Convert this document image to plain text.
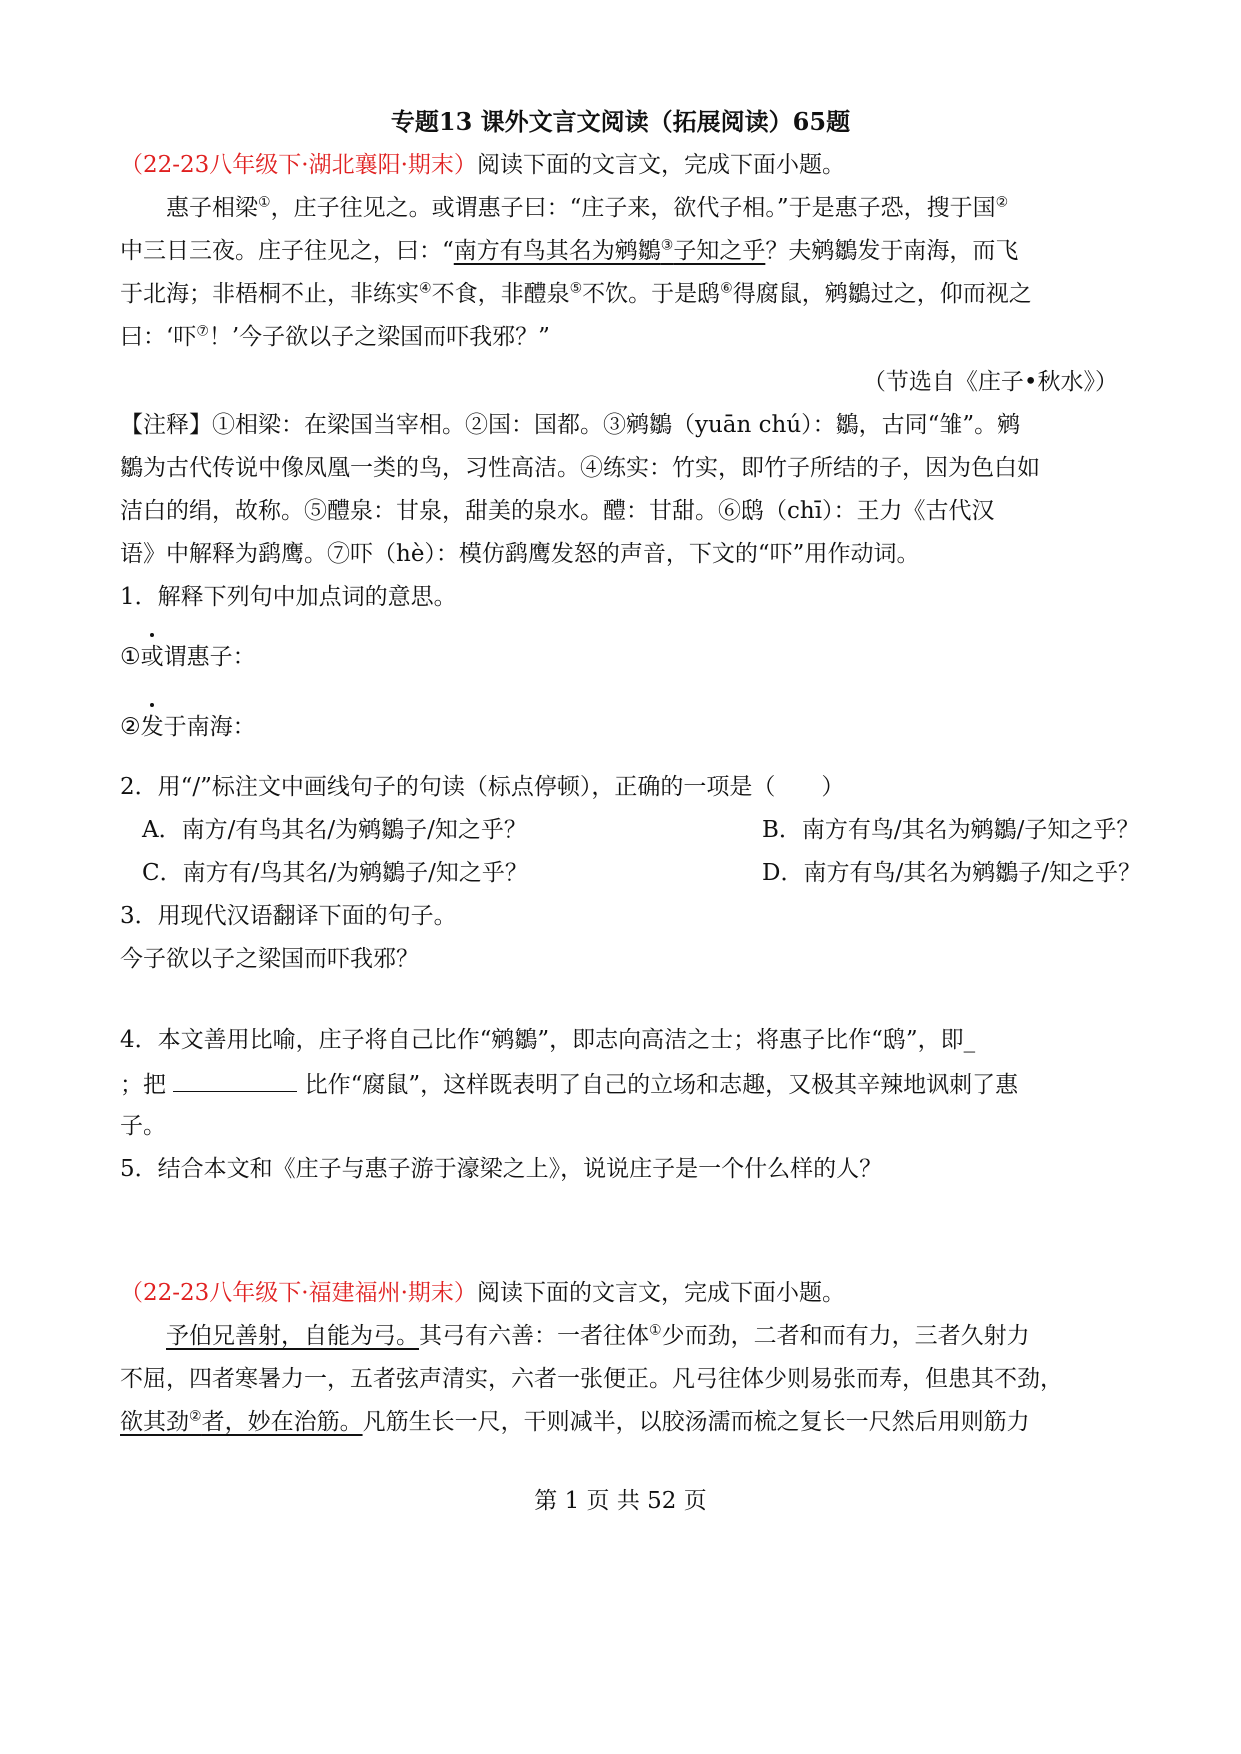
专题13 课外文言文阅读（拓展阅读）65题
（22-23八年级下·湖北襄阳·期末）阅读下面的文言文，完成下面小题。
惠子相梁①，庄子往见之。或谓惠子曰：“庄子来，欲代子相。”于是惠子恐，搜于国②
中三日三夜。庄子往见之，曰：“南方有鸟其名为鹓鶵③子知之乎？夫鹓鶵发于南海，而飞
于北海；非梧桐不止，非练实④不食，非醴泉⑤不饮。于是鸱⑥得腐鼠，鹓鶵过之，仰而视之
曰：‘吓⑦！’今子欲以子之梁国而吓我邪？”
（节选自《庄子•秋水》）
【注释】①相梁：在梁国当宰相。②国：国都。③鹓鶵（yuān chú）：鶵，古同“雏”。鹓
鶵为古代传说中像凤凰一类的鸟，习性高洁。④练实：竹实，即竹子所结的子，因为色白如
洁白的绢，故称。⑤醴泉：甘泉，甜美的泉水。醴：甘甜。⑥鸱（chī）：王力《古代汉
语》中解释为鹞鹰。⑦吓（hè）：模仿鹞鹰发怒的声音，下文的“吓”用作动词。
1．解释下列句中加点词的意思。
①或谓惠子：
②发于南海：
2．用“/”标注文中画线句子的句读（标点停顿），正确的一项是（　　）
A．南方/有鸟其名/为鹓鶵子/知之乎？	B．南方有鸟/其名为鹓鶵/子知之乎？
C．南方有/鸟其名/为鹓鶵子/知之乎？	D．南方有鸟/其名为鹓鶵子/知之乎？
3．用现代汉语翻译下面的句子。
今子欲以子之梁国而吓我邪？
4．本文善用比喻，庄子将自己比作“鹓鶵”，即志向高洁之士；将惠子比作“鸱”，即_
；把	比作“腐鼠”，这样既表明了自己的立场和志趣，又极其辛辣地讽刺了惠
子。
5．结合本文和《庄子与惠子游于濠梁之上》，说说庄子是一个什么样的人？
（22-23八年级下·福建福州·期末）阅读下面的文言文，完成下面小题。
予伯兄善射，自能为弓。其弓有六善：一者往体①少而劲，二者和而有力，三者久射力
不屈，四者寒暑力一，五者弦声清实，六者一张便正。凡弓往体少则易张而寿，但患其不劲，
欲其劲②者，妙在治筋。凡筋生长一尺，干则减半，以胶汤濡而梳之复长一尺然后用则筋力
第 1 页 共 52 页
